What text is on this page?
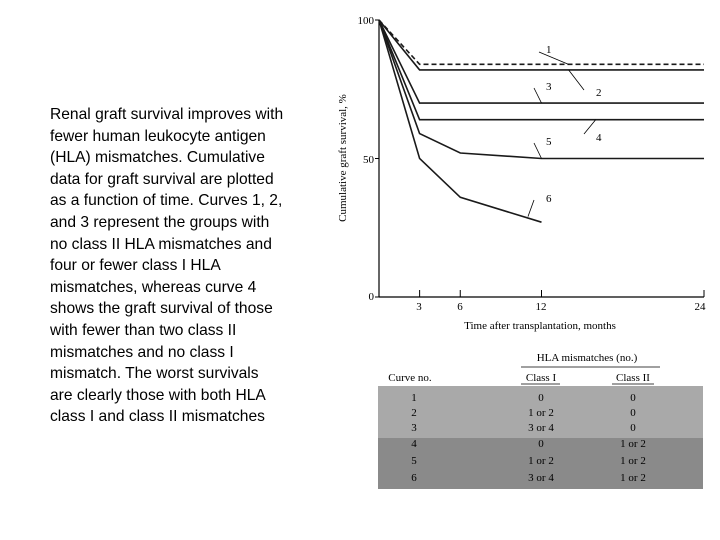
Renal graft survival improves with
fewer human leukocyte antigen
(HLA) mismatches. Cumulative
data for graft survival are plotted
as a function of time. Curves 1, 2,
and 3 represent the groups with
no class II HLA mismatches and
four or fewer class I HLA
mismatches, whereas curve 4
shows the graft survival of those
with fewer than two class II
mismatches and no class I
mismatch. The worst survivals
are clearly those with both HLA
class I and class II mismatches
100
50
0
3	6	12	24
Time after transplantation, months
Cumulative graft survival, %
1
2
3
4
5
6
HLA mismatches (no.)
Curve no.	Class I	Class II
1	0	0
2	1 or 2	0
3	3 or 4	0
4	0	1 or 2
5	1 or 2	1 or 2
6	3 or 4	1 or 2
